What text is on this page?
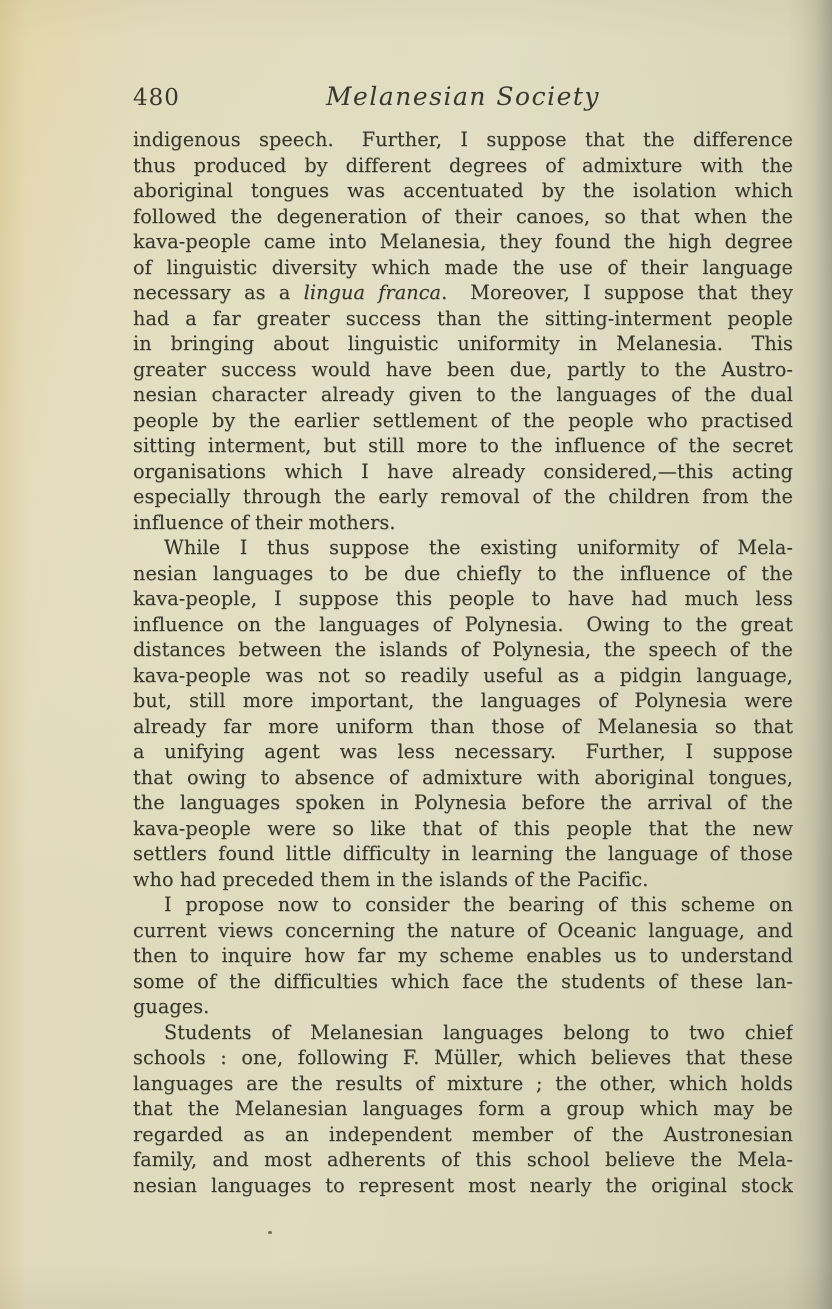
480	Melanesian Society
indigenous speech.  Further, I suppose that the difference
thus produced by different degrees of admixture with the
aboriginal tongues was accentuated by the isolation which
followed the degeneration of their canoes, so that when the
kava-people came into Melanesia, they found the high degree
of linguistic diversity which made the use of their language
necessary as a lingua franca.  Moreover, I suppose that they
had a far greater success than the sitting-interment people
in bringing about linguistic uniformity in Melanesia.  This
greater success would have been due, partly to the Austro-
nesian character already given to the languages of the dual
people by the earlier settlement of the people who practised
sitting interment, but still more to the influence of the secret
organisations which I have already considered,—this acting
especially through the early removal of the children from the
influence of their mothers.
While I thus suppose the existing uniformity of Mela-
nesian languages to be due chiefly to the influence of the
kava-people, I suppose this people to have had much less
influence on the languages of Polynesia.  Owing to the great
distances between the islands of Polynesia, the speech of the
kava-people was not so readily useful as a pidgin language,
but, still more important, the languages of Polynesia were
already far more uniform than those of Melanesia so that
a unifying agent was less necessary.  Further, I suppose
that owing to absence of admixture with aboriginal tongues,
the languages spoken in Polynesia before the arrival of the
kava-people were so like that of this people that the new
settlers found little difficulty in learning the language of those
who had preceded them in the islands of the Pacific.
I propose now to consider the bearing of this scheme on
current views concerning the nature of Oceanic language, and
then to inquire how far my scheme enables us to understand
some of the difficulties which face the students of these lan-
guages.
Students of Melanesian languages belong to two chief
schools : one, following F. Müller, which believes that these
languages are the results of mixture ; the other, which holds
that the Melanesian languages form a group which may be
regarded as an independent member of the Austronesian
family, and most adherents of this school believe the Mela-
nesian languages to represent most nearly the original stock
